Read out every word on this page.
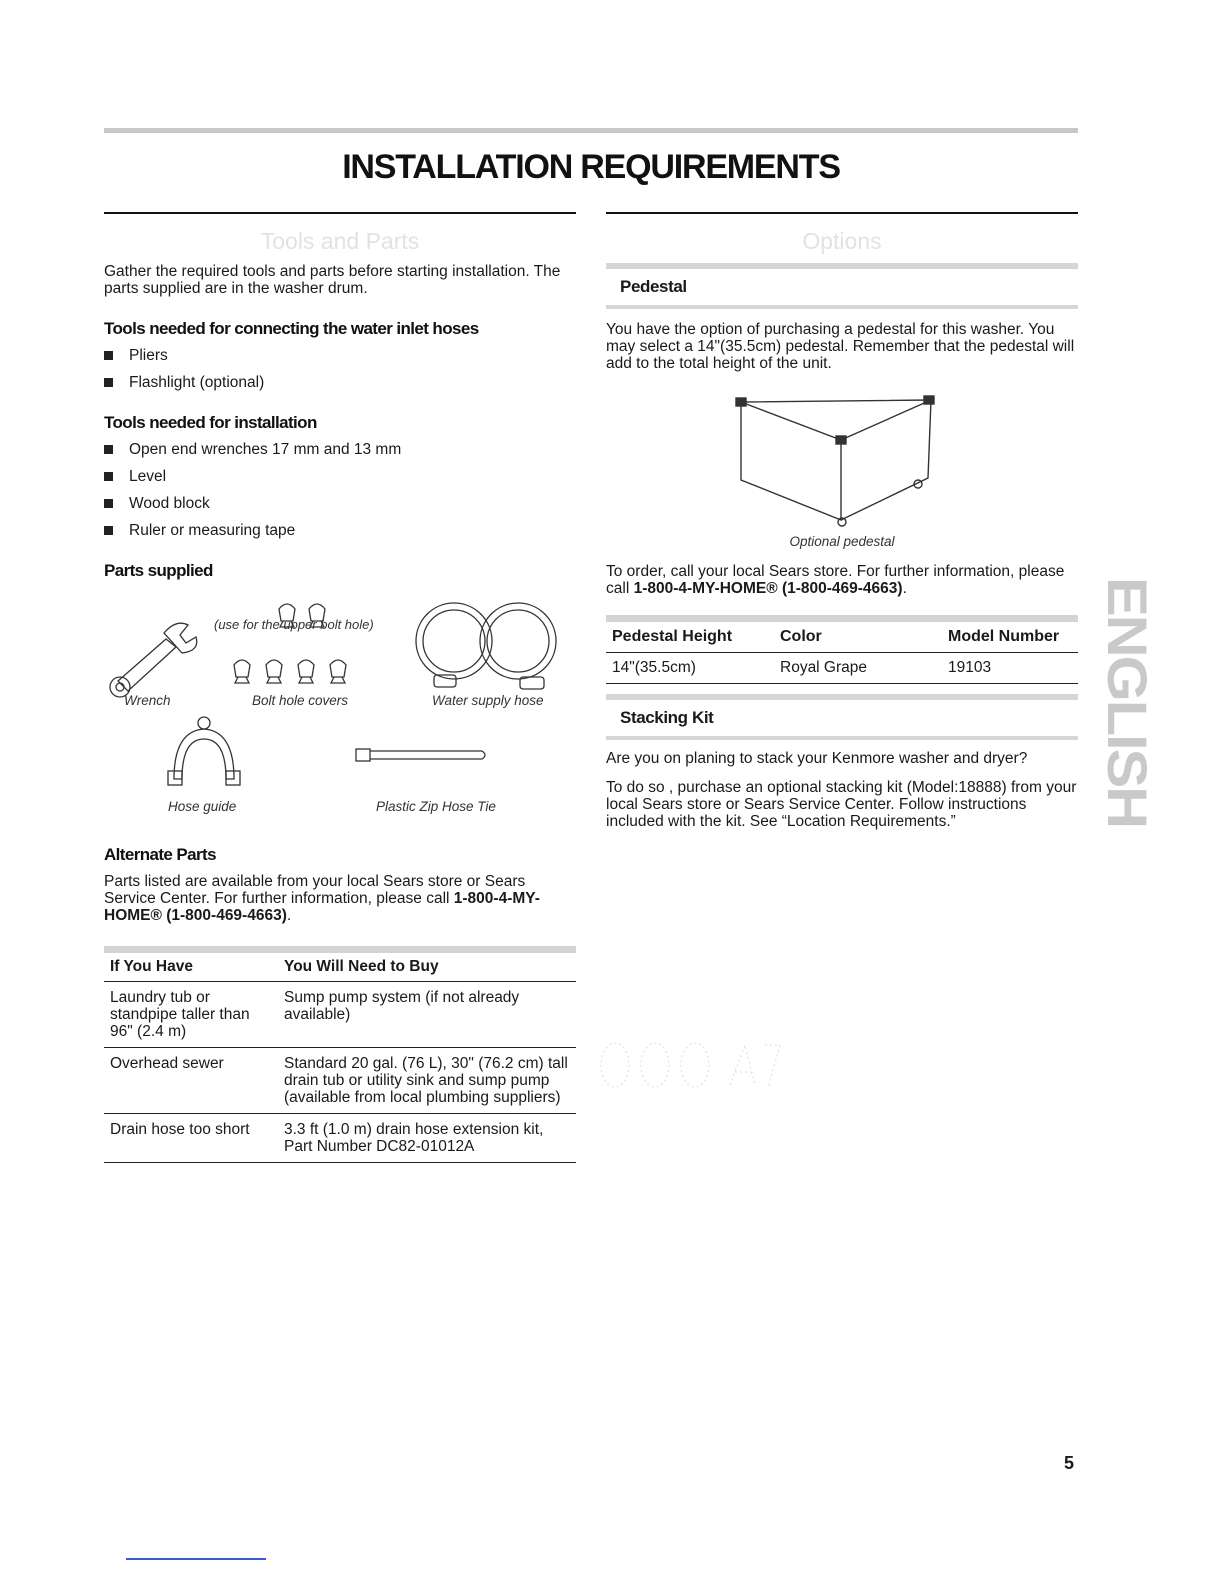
INSTALLATION REQUIREMENTS
Tools and Parts

Gather the required tools and parts before starting installation. The parts supplied are in the washer drum.

Tools needed for connecting the water inlet hoses
Pliers
Flashlight (optional)
Tools needed for installation
Open end wrenches 17 mm and 13 mm
Level
Wood block
Ruler or measuring tape
Parts supplied
(use for the upper bolt hole)
Wrench	Bolt hole covers	Water supply hose
Hose guide	Plastic Zip Hose Tie
Alternate Parts

Parts listed are available from your local Sears store or Sears Service Center. For further information, please call 1-800-4-MY-HOME® (1-800-469-4663).

If You Have	You Will Need to Buy
Laundry tub or standpipe taller than 96" (2.4 m)	Sump pump system (if not already available)
Overhead sewer	Standard 20 gal. (76 L), 30" (76.2 cm) tall drain tub or utility sink and sump pump (available from local plumbing suppliers)
Drain hose too short	3.3 ft (1.0 m) drain hose extension kit, Part Number DC82-01012A
Options
Pedestal

You have the option of purchasing a pedestal for this washer. You may select a 14"(35.5cm) pedestal. Remember that the pedestal will add to the total height of the unit.

Optional pedestal

To order, call your local Sears store. For further information, please call 1-800-4-MY-HOME® (1-800-469-4663).

Pedestal Height	Color	Model Number
14"(35.5cm)	Royal Grape	19103
Stacking Kit

Are you on planing to stack your Kenmore washer and dryer?

To do so , purchase an optional stacking kit (Model:18888) from your local Sears store or Sears Service Center. Follow instructions included with the kit. See “Location Requirements.”

ENGLISH
5
